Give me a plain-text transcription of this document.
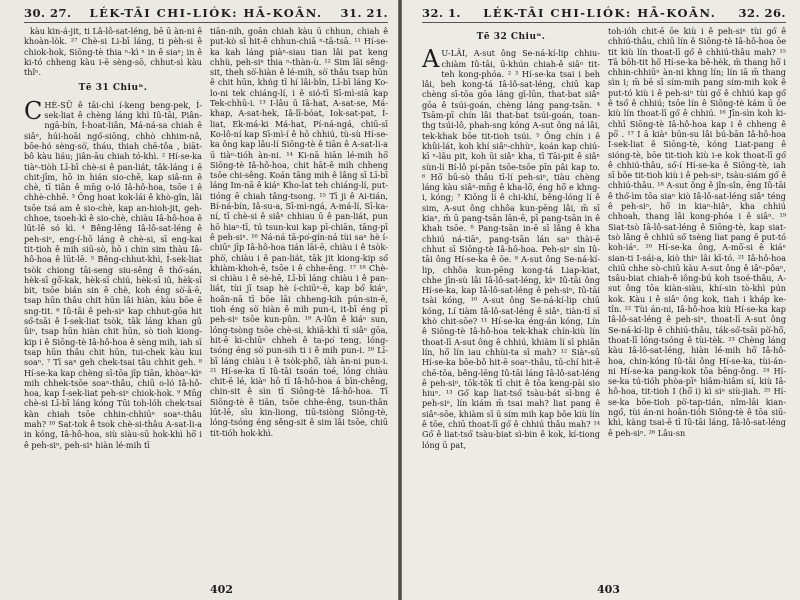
30. 27. LÉK-TÂI CHI-LIÓK: HĀ-KOÂN. 31. 21.

kàu kin-á-jit, ti Lâ-lô-sat-léng, bē ū àn-ni ê khoàn-lòk. ²⁷ Chè-si Li-bī láng, ti pèh-si ê chiok-hok, Siōng-tè thia ⁿ-kì ⁿ in ê siaⁿ; in ê ki-tó chheng kàu i-ē sèng-sō, chhut-sì kàu thîⁿ.

Tē 31 Chiuⁿ.

CHÈ-SŪ ê tāi-chì í-keng beng-pek, Í-sek-liat ê chèng láng khì Iû-tāi, Piân-ngā-bín, Í-hoat-liân, Má-ná-sa chiah ê siâⁿ, húi-hoāi ngó͘-siōng, chhò chhim-nâ, bōe-hó sèng-sò͘, tháu, thiah chē-tôa , biāt-bô kàu liáu; jiân-āu chiah tó-khì. ² Hí-se-ka tiàⁿ-tiòh Lī-bī chè-si ê pan-liát, tâk-láng i ê chit-jīm, hō in hián sio-chē, kap siâ-nn ê chè, tī tiān ê mn̄g o-ló Iâ-hô-hoa, tsōe i ê chhè-chhē. ³ Ông hoat kok-lái ê khò-gîn, lâi tsōe tsá am ê sio-chè, kap an-hioh-jit, geh-chhoe, tsoeh-kì ê sio-chè, chiàu Iâ-hô-hoa ê lūt-lē só kì. ⁴ Bêng-lēng Iâ-lô-sat-léng ê peh-siⁿ, eng-í-hō láng ê chè-si, sī eng-kai tit-tioh ê mih siū-sò, hō i chin sim thàu Iâ-hô-hoa ê lūt-lē. ⁵ Bêng-chhut-khì, Í-sek-liat tsòk chiong tāi-seng siu-sêng ê thó͘-sán, hèk-sī gō͘-kak, hèk-sī chiú, hèk-sī iû, hèk-sī bit, tsōe bián sin ê chè, koh éng sò͘-ā-ē, tsap hūn thâu chit hūn lâi hiàn, kàu bōe ē sng-tit. ⁶ Iû-tāi ê peh-siⁿ kap chhut-gōa hit só͘-tsāi ê Í-sek-liat tsòk, tāk láng khan gû ûiⁿ, tsap hūn hiàn chit hūn, sò tioh kiong-kip i ê Siōng-tè Iâ-hô-hoa ê sèng mih, iah sī tsap hūn thâu chit hūn, tui-chek kàu kui soaⁿ. ⁷ Tī saⁿ geh chek-tsai tâu chhit geh. ⁸ Hí-se-ka kap chèng sī-tōa jīp tiān, khòaⁿ-kìⁿ mih chhek-tsōe soaⁿ-thâu, chiū o-ló Iâ-hô-hoa, kap Í-sek-liat peh-siⁿ chiok-hok. ⁹ Mn̄g chè-si Lī-bī láng kóng Tūi toh-lóh chek-tsai kàn chiah tsōe chhin-chhiūⁿ soaⁿ-thâu mah? ¹⁰ Sat-tok ê tsok chè-si-thâu A-sat-li-a in kóng, Iâ-hô-hoa, siù siàu-sū hok-khì hō͘ i ê peh-siⁿ, peh-siⁿ hiàn lé-mih tī

tiān-nih, goān chiah kàu ū chhun, chiah ê put-kò sī hit-ê chhun-chiā ⁿ-tā-tsā. ¹¹ Hí-se-ka kah láng piàⁿ-siau tian lâi pat keng chhù, peh-siⁿ thia ⁿ-thàn-ù. ¹² Sim lāi sêng-sit, theh sò͘-hiàn ê lé-mih, sò͘ thâu tsap hūn ê chit hūn, khńg tī hí lâi-bîn, Lī-bī láng Ko-lo-ni tek chiáng-lí, i ê sió-tī Sī-mì-siā kap Tek-chhū-i. ¹³ I-lâu ū Iâ-hat, A-sat-se, Má-khap, A-sat-hek, Iâ-lī-bóat, Iok-sat-pat, Í-liat, Ek-má-ki Má-hat, Pí-ná-ngá, chiū-sī Ko-lô-ní kap Sī-mì-í ê hō chhiú, tù-sù Hí-se-ka ông kap lâu-lí Siōng-tè ê tiān ê A-sat-li-a ū tiàⁿ-tióh àn-ni. ¹⁴ Ki-nā hiān lé-mih hō͘ Siōng-tè Iâ-hô-hoa, chit hāt-ê mih chheng tsōe chi-sêng. Koán tāng mih ê lâng sī Lī-bī láng Im-nā ê kiáⁿ Kho-lat teh chiáng-lí, put-tióng ē chiah tâng-tsong. ¹⁵ Tī ji ê Ai-tián, Bí-ná-bín, Iâ-su-a, Sī-mì-ngá, A-má-lí, Sī-ka-ní, tī chè-si ê siâⁿ chhiau ū ê pan-liát, pun hō hiaⁿ-tī, tú tsun-kui kap pī-chiān, tāng-pī ê peh-siⁿ. ¹⁶ Ná-ná tā-po͘-gín-ná tùi saⁿ hè í-chiūⁿ jīp Iâ-hô-hoa tián lāi-ē, chiàu i ê tsòk-phò͘, chiàu i ê pan-liát, tāk jit kiong-kip só͘ khiàm-khoh-ē, tsōe i ê chhe-êng. ¹⁷ ¹⁸ Chè-si chiàu i ê sè-hē, Lī-bī láng chiàu i ê pan-liát, tùi jī tsap hè í-chiūⁿ-ē, kap bó͘ kiáⁿ, hoân-nā tī bōe lāi chheng-kih pún-sin-ē, tioh éng sò͘ hiàn ê mih pun-i, it-bī éng pī peh-siⁿ tsōe kun-pûn. ¹⁹ A-lûn ê kiáⁿ sun, lóng-tsòng tsōe chè-si, khiā-khì tī siâⁿ gōa, hit-ē ki-chiūⁿ chheh ê ta-po͘ teng, lóng-tsóng éng sò͘ pun-sih ti i ê mih pun-i. ²⁰ Lī-bī láng chiàu i ê tsòk-phō͘, iàh àn-ni pun-i. ²¹ Hí-se-ka tī Iû-tāi tsoán toé, lóng chiàu chit-ē lé, kiàⁿ hō tī Iâ-hô-hoa á bīn-chêng, chin-sit ê sìn tī Siōng-tè Iâ-hô-hoa. Tī Siōng-tè ê tiān, tsōe chhe-êng, tsun-thân lūt-lē, sīu kin-liong, tiū-tsiòng Siōng-tè, lóng-tsóng éng sêng-sit ê sim lâi tsōe, chiū tit-tióh hok-khì.

402
32. 1. LÉK-TÂI CHI-LIÓK: HĀ-KOÂN. 32. 26.
Tē 32 Chiuⁿ.

A U-LÂI, A-sut ông Se-ná-kí-lip chhiu-chiàm Iû-tāi, ū-khún chiah-ê siâⁿ tit-teh kong-phóa. ² ³ Hí-se-ka tsai i beh lâi, beh kong-tá Iâ-lô-sat-léng, chiū kap chèng sī-tōa gōa láng gī-lūn, that-bat siâⁿ gōa ê tsúi-goán, chèng láng pang-tsān. ⁴ Tsām-pī chín lâi that-bat tsúi-goán, toan-thg tsúi-lô, phah-sng kóng A-sut ông ná lâi, tek-khak bōe tit-tioh tsúi. ⁵ Ông chín i ê khûi-lát, koh khí siâⁿ-chhùⁿ, koán kap chiú-kī ⁿ-lâu pit, koh ūi siâⁿ kha, tī Tāi-pit ê siâⁿ sùn-lí Bí-lô pí-pān tsōe-tsōe pīn pâi kap to. ⁶ Hō͘ bū-sò thâu tī-lí peh-siⁿ, tiàu chèng láng kàu siâⁿ-mn̄g ê kha-lō͘, éng hō͘ e khng-i, kóng; ⁷ Kiōng lí ê chi-khí, bêng-lóng lí ê sim, A-sut ông chhôa kun-pēng lâi, m̄ sī kiaⁿ, m̄ ū pang-tsān lān-ē, pī pang-tsān in ê khah tsōe. ⁸ Pang-tsān in-ē sī lâng ê kha chhiú ná-tiāⁿ, pang-tsān lán saⁿ thài-ē chhut sī Siōng-tè Iâ-hô-hoa. Peh-siⁿ sìn Iû-tāi ông Hí-se-ka ê ōe. ⁹ A-sut ông Se-ná-kí-lip, chhôa kun-pēng kong-tá Liap-kiat, chhe jīn-sù lâi Iâ-lô-sat-léng, kìⁿ Iû-tāi ông Hí-se-ka, kap Iâ-lô-sat-léng ê peh-siⁿ, Iû-tāi tsài kóng, ¹⁰ A-sut ông Se-ná-kí-lip chiū kóng, Lí tiàm Iâ-lô-sat-léng ê siâⁿ, tiàn-tī sī khò chit-sōe? ¹¹ Hí-se-ka éng-án kóng, Lín ê Siōng-tè Iâ-hô-hoa tek-khak chín-kiù lín thoat-lī A-sut ông ê chhiú, khiàm lí sī phiān lín, hō͘ lín iau chhùi-ta sī mah? ¹² Siàⁿ-sū Hí-se-ka bōe-bô hit-ē soaⁿ-thâu, tū-chí hit-ē chē-tōa, bêng-lēng Iû-tāi láng Iâ-lô-sat-léng ê peh-siⁿ, tōk-tōk tī chit ê tōa keng-pài sio hiuⁿ. ¹³ Gó͘ kap liat-tsó͘ tsàu-bát sī-bng ê peh-siⁿ, lín kiám m̄ tsai mah? liat pang ê siâⁿ-sōe, khiàm sī ū sím mih kap bōe kiù lín ê tōe, chiū thoat-lī gó͘ ê chhiú thâu mah? ¹⁴ Gó͘ ê liat-tsó͘ tsàu-biat sì-bin ê kok, kí-tiong lóng ū pat,

toh-ióh chit-ē ōe kiù i ê peh-siⁿ tùi gó͘ ê chhiú-thâu, chiū lín ê Siōng-tè Iâ-hô-hoa ōe tit kiù lín thoat-lī gó͘ ê chhiú-thâu mah? ¹⁵ Tā bōh-tit hō͘ Hí-se-ka bē-hèk, m̄ thang hō͘ i chhin-chhiūⁿ àn-ni khng lín; lín iā m̄ thang sìn i; m̄ bē sī sím-mih pang sím-mih kok ê put-tó kiù i ê peh-siⁿ tùi gó͘ ê chhiú kap gó͘ ê tsó͘ ê chhiú; tsōe lín ê Siōng-tè kám ū ōe kiù lín thoat-lī gó͘ ê chhiú. ¹⁶ Jīn-sìn koh ki-chhī Siōng-tè Iâ-hô-hoa kap i ê chheng ê pō͘ . ¹⁷ I ā kiàⁿ būn-su lâi bú-bān Iâ-hô-hoa Í-sek-liat ê Siōng-tè, kóng Liat-pang ê sióng-tè, bōe tit-tioh kiù i-e kok thoat-lī gó͘ ê chhiú-thâu, só͘-í Hí-se-ka ê Siōng-tè, iah sī bōe tit-tioh kiù i ê peh-siⁿ, tsàu-siám gó͘ ê chhiú-thâu. ¹⁸ A-sut ông ê jîn-sîn, ēng Iû-tāi ê thó͘-ìm tōa siaⁿ kiò Iâ-lô-sat-léng siâⁿ téng ê peh-siⁿ, hō͘ in kiaⁿ-hiâⁿ, kha chhiú chhoah, thang lâi kong-phóa i ê siâⁿ. ¹⁹ Siat-tsò Iâ-lô-sat-léng ê Siōng-tè, kap siat-tsò lâng ê chhiú só͘ tsèng liat pang ê put-tó koh-iáⁿ. ²⁰ Hí-se-ka ông, A-mō͘-si ê kiáⁿ sian-ti I-sái-a, kiò thiⁿ lâi kī-tó. ²¹ Iâ-hô-hoa chiū chhe sò-chiū kàu A-sut ông ê iâⁿ-pôaⁿ, tsâu-biat chiah-ê iông-bú koh tsoé-thâu, A-sut ông tōa kiàn-siàu, khí-sin tò-khì pún kok. Kàu i ê siâⁿ ông kok, tiah i kháp ke-tîn. ²² Tùi án-ni, Iâ-hô-hoa kiù Hí-se-ka kap Iâ-lô-sat-léng ê peh-siⁿ, thoat-lī A-sut ông Se-ná-kí-lip ê chhiú-thâu, ták-só͘-tsāi pò͘-hō͘, thoat-lī lóng-tsóng ê tùi-tèk. ²³ Chèng láng kàu Iâ-lô-sat-léng, hiàn lé-mih hō͘ Iâ-hô-hoa, chin-kóng Iû-tāi ông Hí-se-ka, tùi-án-ni Hí-se-ka pang-kok tōa bēng-ông. ²⁴ Hí-se-ka tú-tióh phòa-pīⁿ hiâm-hiâm sí, kiù Iâ-hô-hoa, tit-tioh I (hō͘ i) kì siⁿ siù-jiah. ²⁵ Hí-se-ka bōe-tioh pò͘-tap-tián, nîm-lāi kian-ngó͘, tùi án-ni hoân-tióh Siōng-tè ê tōa siū-khì, kàng tsai-ē tī Iû-tāi láng, Iâ-lô-sat-léng ê peh-siⁿ. ²⁶ Lâu-sn

403
